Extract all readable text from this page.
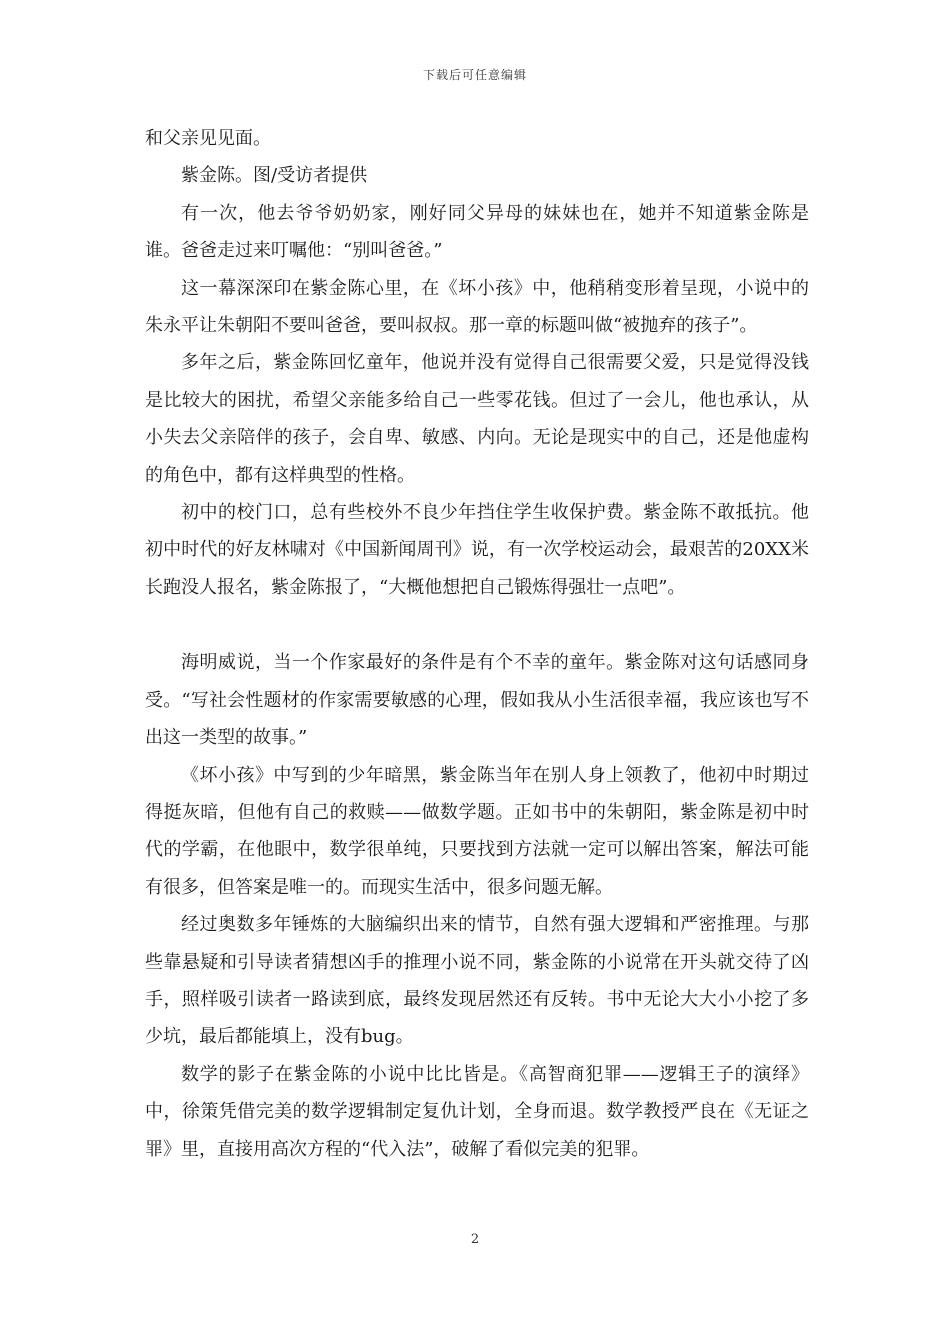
下载后可任意编辑

和父亲见见面。

紫金陈。图/受访者提供

有一次，他去爷爷奶奶家，刚好同父异母的妹妹也在，她并不知道紫金陈是谁。爸爸走过来叮嘱他：“别叫爸爸。”

这一幕深深印在紫金陈心里，在《坏小孩》中，他稍稍变形着呈现，小说中的朱永平让朱朝阳不要叫爸爸，要叫叔叔。那一章的标题叫做“被抛弃的孩子”。

多年之后，紫金陈回忆童年，他说并没有觉得自己很需要父爱，只是觉得没钱是比较大的困扰，希望父亲能多给自己一些零花钱。但过了一会儿，他也承认，从小失去父亲陪伴的孩子，会自卑、敏感、内向。无论是现实中的自己，还是他虚构的角色中，都有这样典型的性格。

初中的校门口，总有些校外不良少年挡住学生收保护费。紫金陈不敢抵抗。他初中时代的好友林啸对《中国新闻周刊》说，有一次学校运动会，最艰苦的20XX米长跑没人报名，紫金陈报了，“大概他想把自己锻炼得强壮一点吧”。

海明威说，当一个作家最好的条件是有个不幸的童年。紫金陈对这句话感同身受。“写社会性题材的作家需要敏感的心理，假如我从小生活很幸福，我应该也写不出这一类型的故事。”

《坏小孩》中写到的少年暗黑，紫金陈当年在别人身上领教了，他初中时期过得挺灰暗，但他有自己的救赎——做数学题。正如书中的朱朝阳，紫金陈是初中时代的学霸，在他眼中，数学很单纯，只要找到方法就一定可以解出答案，解法可能有很多，但答案是唯一的。而现实生活中，很多问题无解。

经过奥数多年锤炼的大脑编织出来的情节，自然有强大逻辑和严密推理。与那些靠悬疑和引导读者猜想凶手的推理小说不同，紫金陈的小说常在开头就交待了凶手，照样吸引读者一路读到底，最终发现居然还有反转。书中无论大大小小挖了多少坑，最后都能填上，没有bug。

数学的影子在紫金陈的小说中比比皆是。《高智商犯罪——逻辑王子的演绎》中，徐策凭借完美的数学逻辑制定复仇计划，全身而退。数学教授严良在《无证之罪》里，直接用高次方程的“代入法”，破解了看似完美的犯罪。

2
